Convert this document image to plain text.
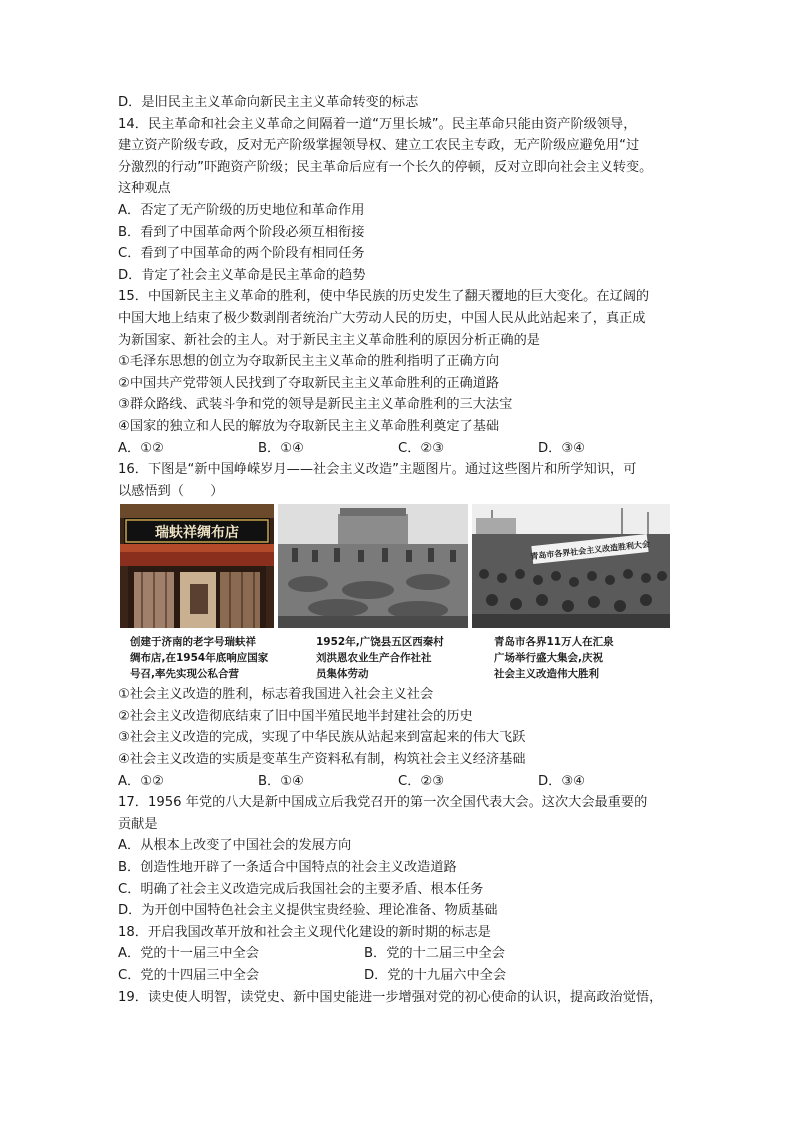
D．是旧民主主义革命向新民主主义革命转变的标志
14．民主革命和社会主义革命之间隔着一道“万里长城”。民主革命只能由资产阶级领导，
建立资产阶级专政，反对无产阶级掌握领导权、建立工农民主专政，无产阶级应避免用“过
分激烈的行动”吓跑资产阶级；民主革命后应有一个长久的停顿，反对立即向社会主义转变。
这种观点
A．否定了无产阶级的历史地位和革命作用
B．看到了中国革命两个阶段必须互相衔接
C．看到了中国革命的两个阶段有相同任务
D．肯定了社会主义革命是民主革命的趋势
15．中国新民主主义革命的胜利，使中华民族的历史发生了翻天覆地的巨大变化。在辽阔的
中国大地上结束了极少数剥削者统治广大劳动人民的历史，中国人民从此站起来了，真正成
为新国家、新社会的主人。对于新民主主义革命胜利的原因分析正确的是
①毛泽东思想的创立为夺取新民主主义革命的胜利指明了正确方向
②中国共产党带领人民找到了夺取新民主主义革命胜利的正确道路
③群众路线、武装斗争和党的领导是新民主主义革命胜利的三大法宝
④国家的独立和人民的解放为夺取新民主主义革命胜利奠定了基础
A．①②	B．①④	C．②③	D．③④
16．下图是“新中国峥嵘岁月——社会主义改造”主题图片。通过这些图片和所学知识，可
以感悟到（　　）
瑞蚨祥绸布店
青岛市各界社会主义改造胜利大会
创建于济南的老字号瑞蚨祥
绸布店,在1954年底响应国家
号召,率先实现公私合营
1952年,广饶县五区西秦村
刘洪恩农业生产合作社社
员集体劳动
青岛市各界11万人在汇泉
广场举行盛大集会,庆祝
社会主义改造伟大胜利
①社会主义改造的胜利，标志着我国进入社会主义社会
②社会主义改造彻底结束了旧中国半殖民地半封建社会的历史
③社会主义改造的完成，实现了中华民族从站起来到富起来的伟大飞跃
④社会主义改造的实质是变革生产资料私有制，构筑社会主义经济基础
A．①②	B．①④	C．②③	D．③④
17．1956 年党的八大是新中国成立后我党召开的第一次全国代表大会。这次大会最重要的
贡献是
A．从根本上改变了中国社会的发展方向
B．创造性地开辟了一条适合中国特点的社会主义改造道路
C．明确了社会主义改造完成后我国社会的主要矛盾、根本任务
D．为开创中国特色社会主义提供宝贵经验、理论准备、物质基础
18．开启我国改革开放和社会主义现代化建设的新时期的标志是
A．党的十一届三中全会	B．党的十二届三中全会
C．党的十四届三中全会	D．党的十九届六中全会
19．读史使人明智，读党史、新中国史能进一步增强对党的初心使命的认识，提高政治觉悟，
